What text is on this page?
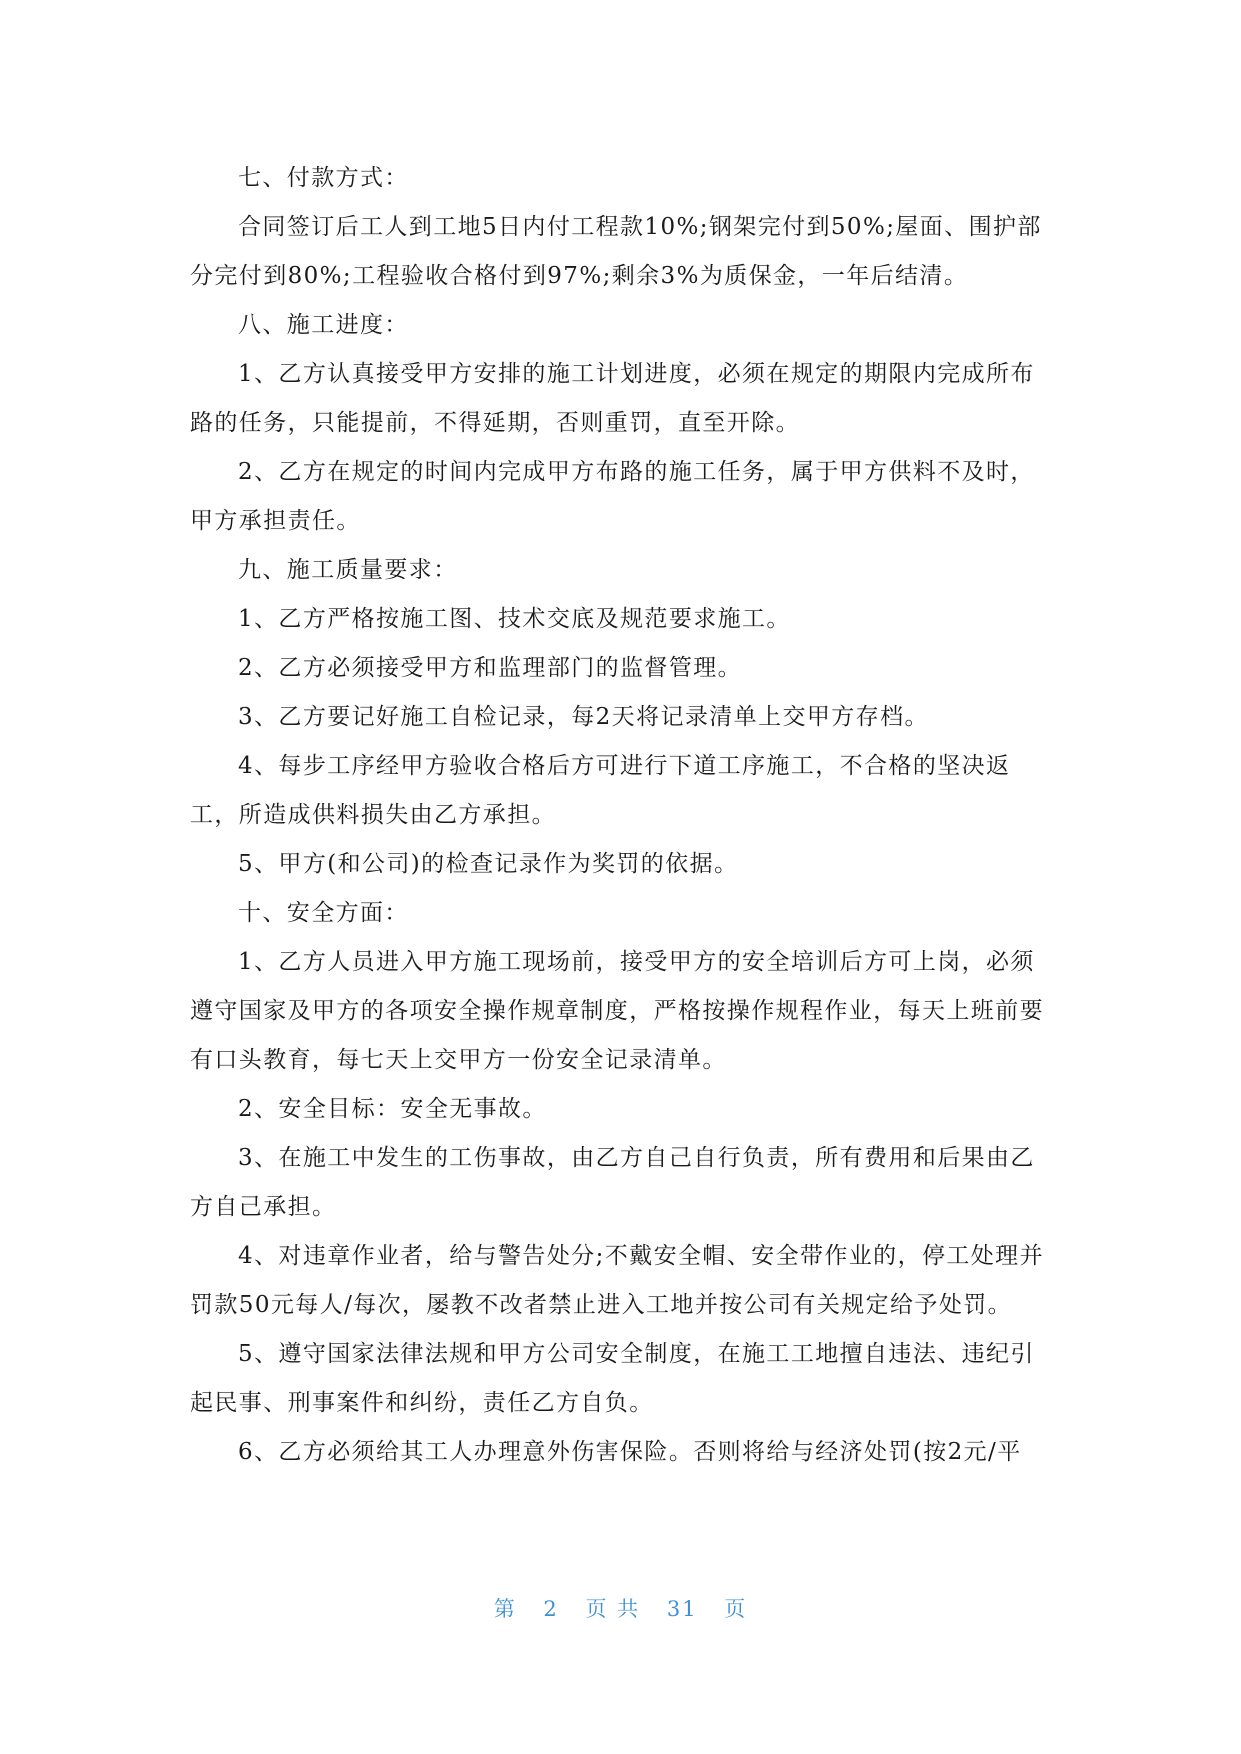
七、付款方式：

合同签订后工人到工地5日内付工程款10%;钢架完付到50%;屋面、围护部分完付到80%;工程验收合格付到97%;剩余3%为质保金，一年后结清。

八、施工进度：

1、乙方认真接受甲方安排的施工计划进度，必须在规定的期限内完成所布路的任务，只能提前，不得延期，否则重罚，直至开除。

2、乙方在规定的时间内完成甲方布路的施工任务，属于甲方供料不及时，甲方承担责任。

九、施工质量要求：

1、乙方严格按施工图、技术交底及规范要求施工。

2、乙方必须接受甲方和监理部门的监督管理。

3、乙方要记好施工自检记录，每2天将记录清单上交甲方存档。

4、每步工序经甲方验收合格后方可进行下道工序施工，不合格的坚决返工，所造成供料损失由乙方承担。

5、甲方(和公司)的检查记录作为奖罚的依据。

十、安全方面：

1、乙方人员进入甲方施工现场前，接受甲方的安全培训后方可上岗，必须遵守国家及甲方的各项安全操作规章制度，严格按操作规程作业，每天上班前要有口头教育，每七天上交甲方一份安全记录清单。

2、安全目标：安全无事故。

3、在施工中发生的工伤事故，由乙方自己自行负责，所有费用和后果由乙方自己承担。

4、对违章作业者，给与警告处分;不戴安全帽、安全带作业的，停工处理并罚款50元每人/每次，屡教不改者禁止进入工地并按公司有关规定给予处罚。

5、遵守国家法律法规和甲方公司安全制度，在施工工地擅自违法、违纪引起民事、刑事案件和纠纷，责任乙方自负。

6、乙方必须给其工人办理意外伤害保险。否则将给与经济处罚(按2元/平

第 2 页 共 31 页
